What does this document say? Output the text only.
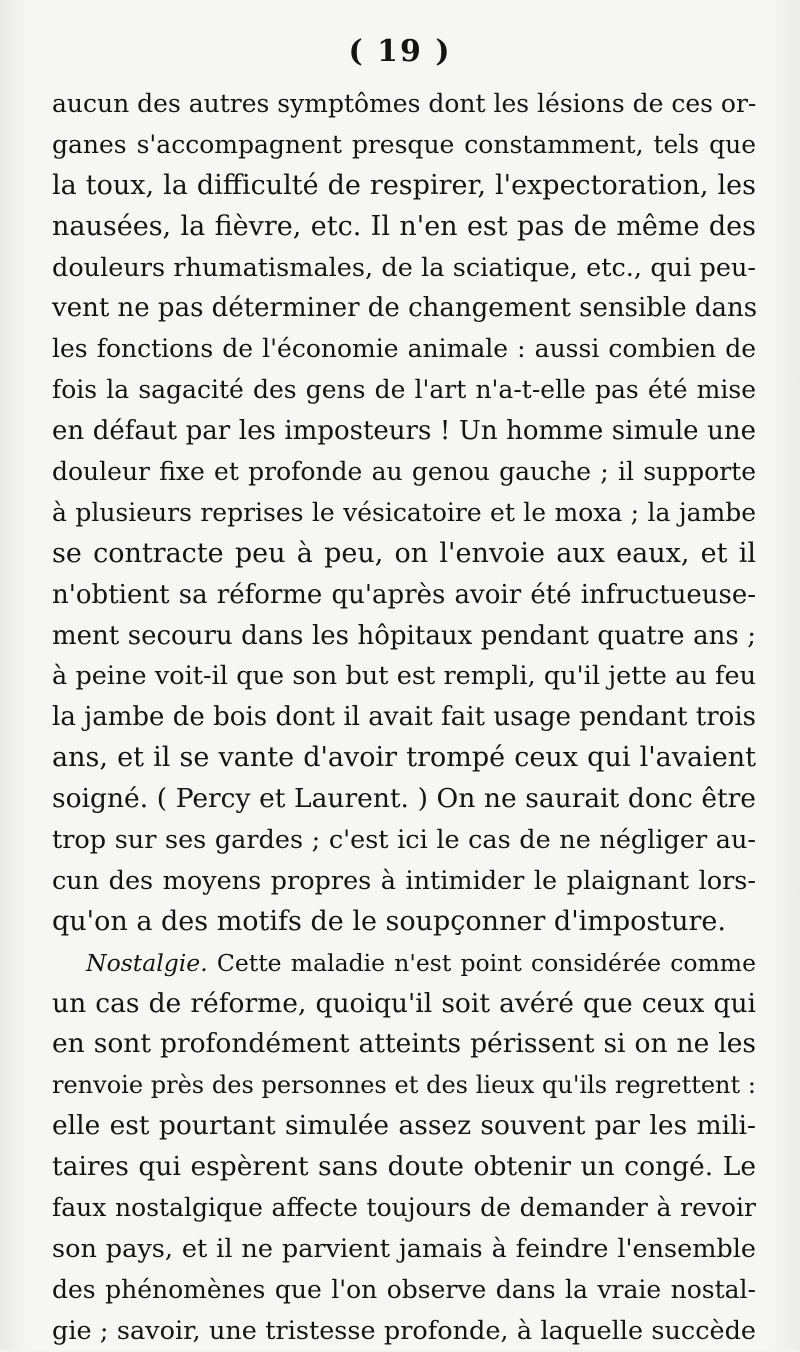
( 19 )
aucun des autres symptômes dont les lésions de ces or-
ganes s'accompagnent presque constamment, tels que
la toux, la difficulté de respirer, l'expectoration, les
nausées, la fièvre, etc. Il n'en est pas de même des
douleurs rhumatismales, de la sciatique, etc., qui peu-
vent ne pas déterminer de changement sensible dans
les fonctions de l'économie animale : aussi combien de
fois la sagacité des gens de l'art n'a-t-elle pas été mise
en défaut par les imposteurs ! Un homme simule une
douleur fixe et profonde au genou gauche ; il supporte
à plusieurs reprises le vésicatoire et le moxa ; la jambe
se contracte peu à peu, on l'envoie aux eaux, et il
n'obtient sa réforme qu'après avoir été infructueuse-
ment secouru dans les hôpitaux pendant quatre ans ;
à peine voit-il que son but est rempli, qu'il jette au feu
la jambe de bois dont il avait fait usage pendant trois
ans, et il se vante d'avoir trompé ceux qui l'avaient
soigné. ( Percy et Laurent. ) On ne saurait donc être
trop sur ses gardes ; c'est ici le cas de ne négliger au-
cun des moyens propres à intimider le plaignant lors-
qu'on a des motifs de le soupçonner d'imposture.
Nostalgie. Cette maladie n'est point considérée comme
un cas de réforme, quoiqu'il soit avéré que ceux qui
en sont profondément atteints périssent si on ne les
renvoie près des personnes et des lieux qu'ils regrettent :
elle est pourtant simulée assez souvent par les mili-
taires qui espèrent sans doute obtenir un congé. Le
faux nostalgique affecte toujours de demander à revoir
son pays, et il ne parvient jamais à feindre l'ensemble
des phénomènes que l'on observe dans la vraie nostal-
gie ; savoir, une tristesse profonde, à laquelle succède
